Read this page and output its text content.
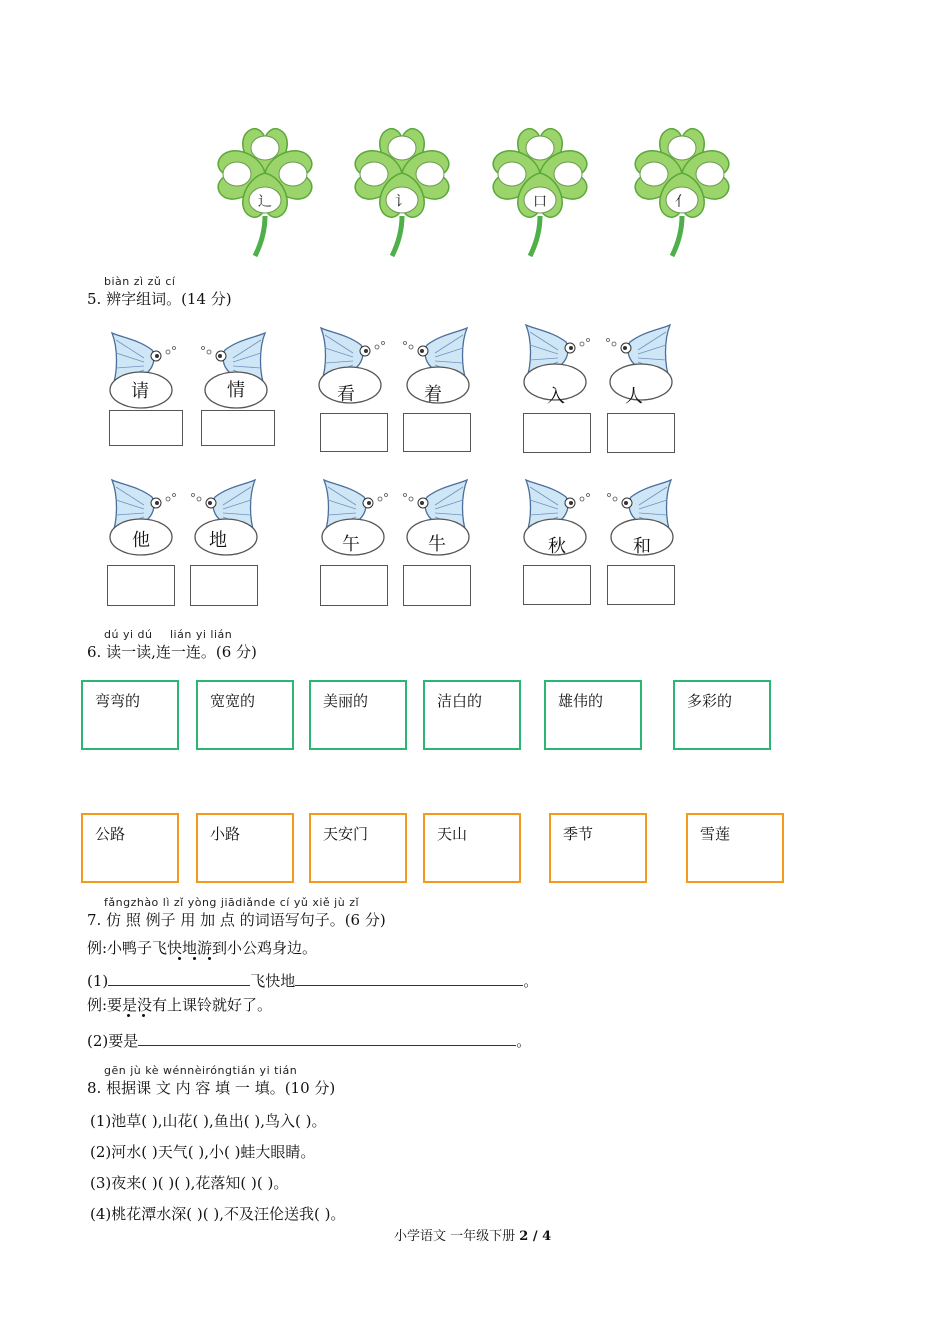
辶	讠	口	亻
biàn zì zǔ cí
5. 辨字组词。(14 分)
请	情	看	着	入	人
他	地	午	牛	秋	和
dú yi dú lián yi lián
6. 读一读,连一连。(6 分)
弯弯的	宽宽的	美丽的	洁白的	雄伟的	多彩的
公路	小路	天安门	天山	季节	雪莲
fǎngzhào lì zǐ yòng jiādiǎnde cí yǔ xiě jù zǐ
7. 仿 照 例子 用 加 点 的词语写句子。(6 分)
例:小鸭子飞快地游到小公鸡身边。
(1)	飞快地	。
例:要是没有上课铃就好了。
(2)要是	。
gēn jù kè wénnèiróngtián yi tián
8. 根据课 文 内 容 填 一 填。(10 分)
(1)池草( ),山花( ),鱼出( ),鸟入( )。
(2)河水( )天气( ),小( )蛙大眼睛。
(3)夜来( )( )( ),花落知( )( )。
(4)桃花潭水深( )( ),不及汪伦送我( )。
小学语文 一年级下册 2 / 4
